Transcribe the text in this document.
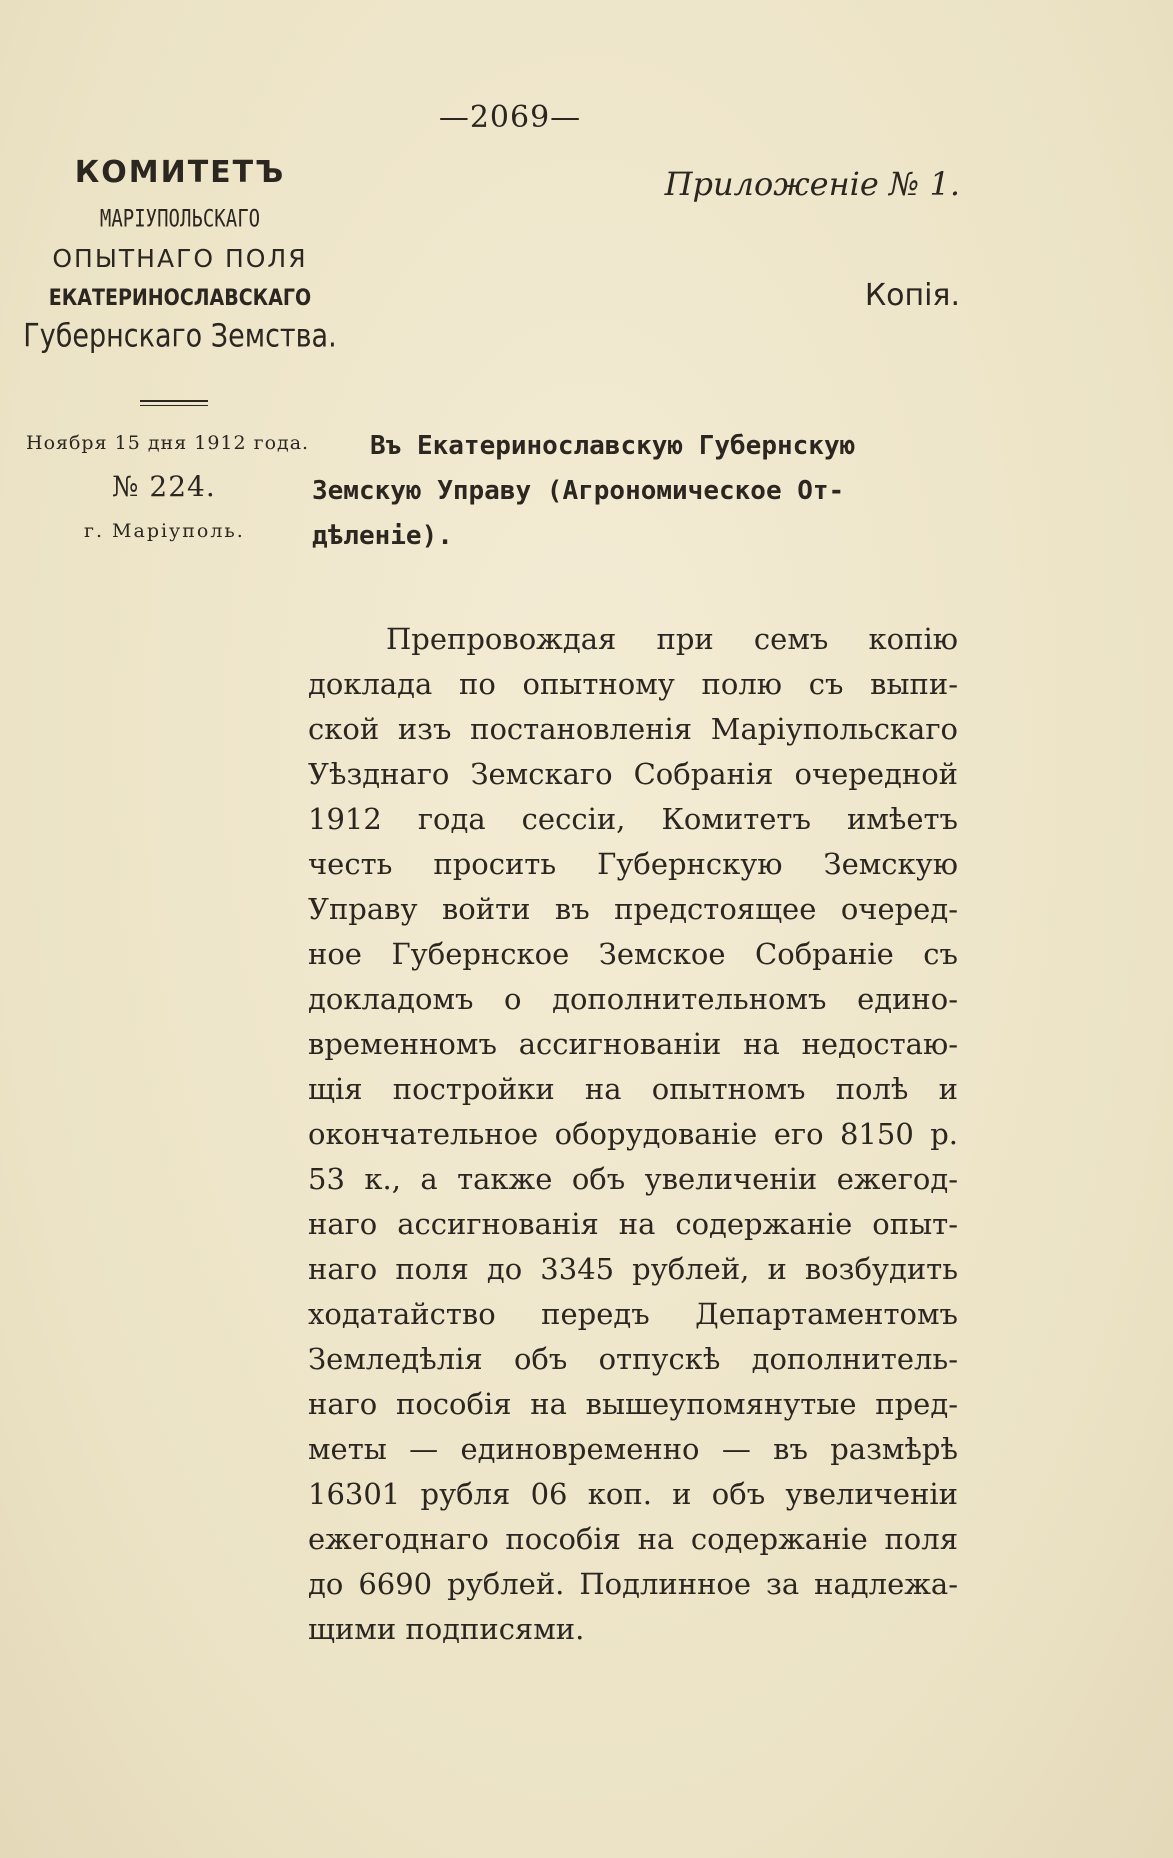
—2069—
КОМИТЕТЪ
МАРІУПОЛЬСКАГО
ОПЫТНАГО ПОЛЯ
ЕКАТЕРИНОСЛАВСКАГО
Губернскаго Земства.
Приложеніе № 1.
Копія.
Ноября 15 дня 1912 года.
№ 224.
г. Маріуполь.
Въ Екатеринославскую Губернскую
Земскую Управу (Агрономическое От-
дѣленіе).
Препровождая при семъ копію
доклада по опытному полю съ выпи-
ской изъ постановленія Маріупольскаго
Уѣзднаго Земскаго Собранія очередной
1912 года сессіи, Комитетъ имѣетъ
честь просить Губернскую Земскую
Управу войти въ предстоящее очеред-
ное Губернское Земское Собраніе съ
докладомъ о дополнительномъ едино-
временномъ ассигнованіи на недостаю-
щія постройки на опытномъ полѣ и
окончательное оборудованіе его 8150 р.
53 к., а также объ увеличеніи ежегод-
наго ассигнованія на содержаніе опыт-
наго поля до 3345 рублей, и возбудить
ходатайство передъ Департаментомъ
Земледѣлія объ отпускѣ дополнитель-
наго пособія на вышеупомянутые пред-
меты — единовременно — въ размѣрѣ
16301 рубля 06 коп. и объ увеличеніи
ежегоднаго пособія на содержаніе поля
до 6690 рублей. Подлинное за надлежа-
щими подписями.
